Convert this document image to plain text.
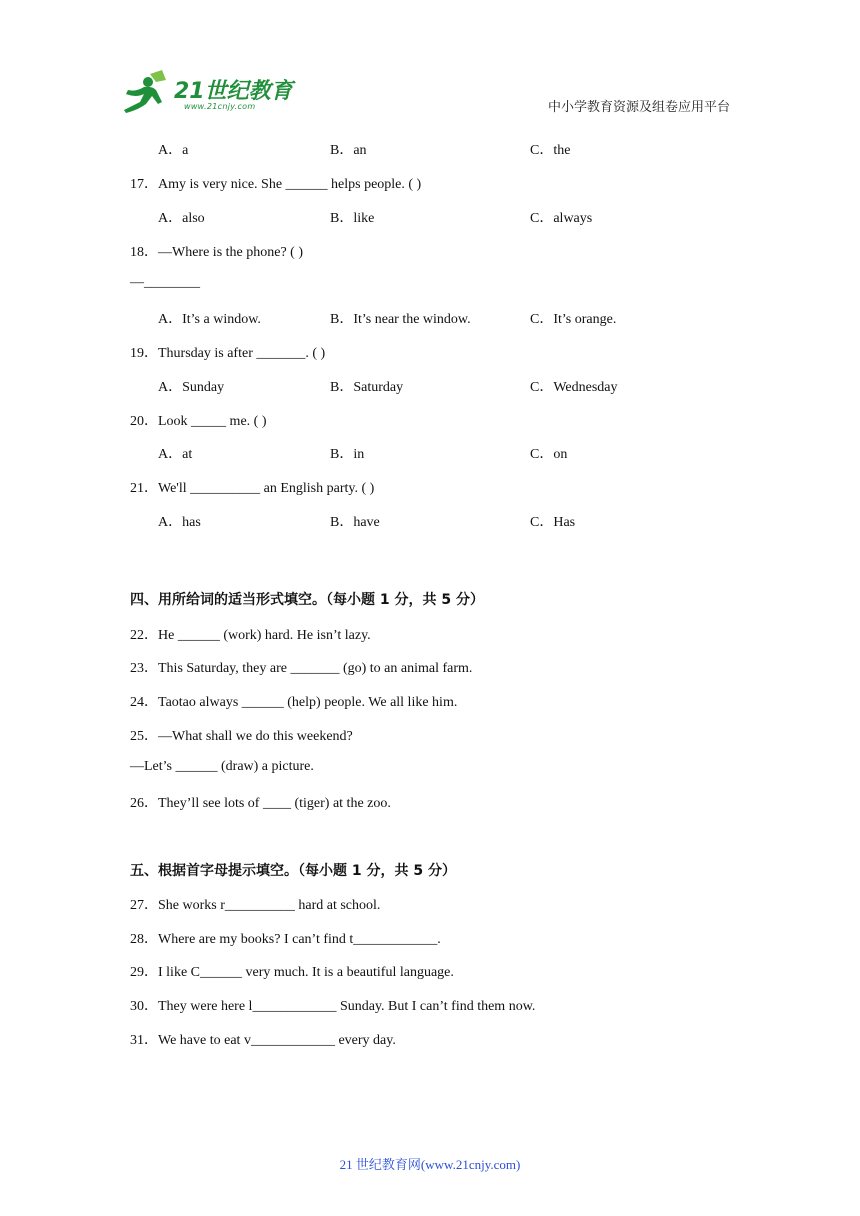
21世纪教育
www.21cnjy.com	中小学教育资源及组卷应用平台
A．a	B．an	C．the
17．Amy is very nice. She ______ helps people. ( )
A．also	B．like	C．always
18．—Where is the phone? ( )
—________
A．It’s a window.	B．It’s near the window.	C．It’s orange.
19．Thursday is after _______. ( )
A．Sunday	B．Saturday	C．Wednesday
20．Look _____ me. ( )
A．at	B．in	C．on
21．We'll __________ an English party. ( )
A．has	B．have	C．Has
四、用所给词的适当形式填空。（每小题 1 分，共 5 分）
22．He ______ (work) hard. He isn’t lazy.
23．This Saturday, they are _______ (go) to an animal farm.
24．Taotao always ______ (help) people. We all like him.
25．—What shall we do this weekend?
—Let’s ______ (draw) a picture.
26．They’ll see lots of ____ (tiger) at the zoo.
五、根据首字母提示填空。（每小题 1 分，共 5 分）
27．She works r__________ hard at school.
28．Where are my books? I can’t find t____________.
29．I like C______ very much. It is a beautiful language.
30．They were here l____________ Sunday. But I can’t find them now.
31．We have to eat v____________ every day.
21 世纪教育网(www.21cnjy.com)
